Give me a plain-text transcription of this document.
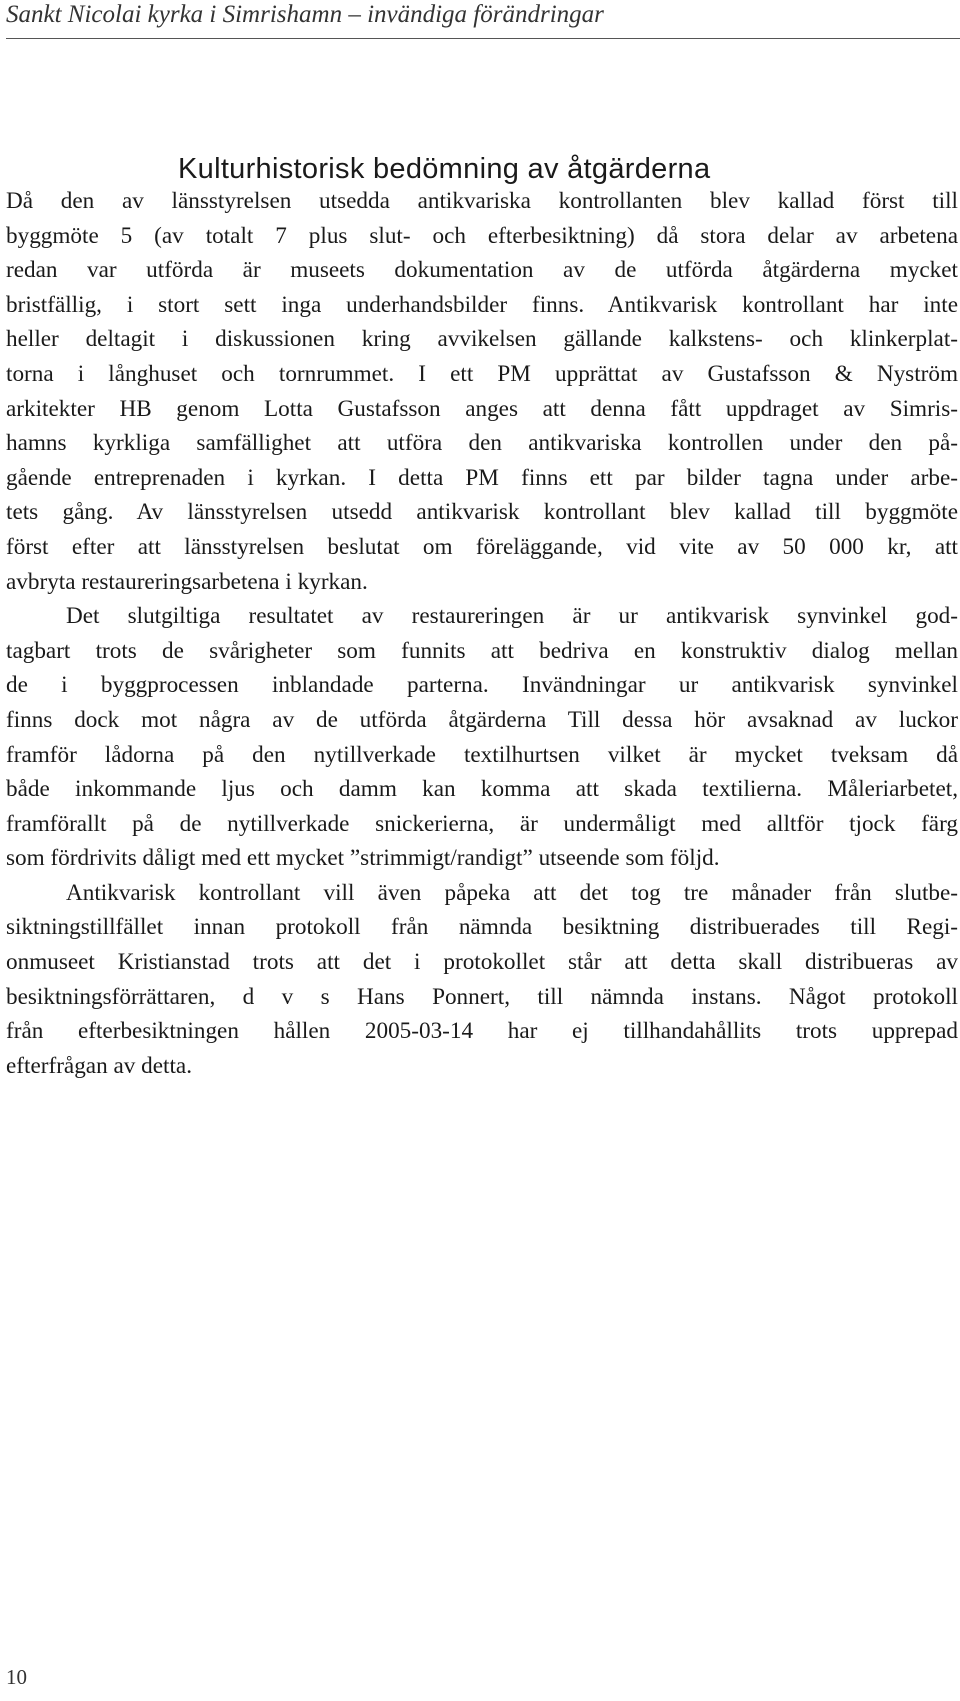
Sankt Nicolai kyrka i Simrishamn – invändiga förändringar
Kulturhistorisk bedömning av åtgärderna
Då den av länsstyrelsen utsedda antikvariska kontrollanten blev kallad först till
byggmöte 5 (av totalt 7 plus slut- och efterbesiktning) då stora delar av arbetena
redan var utförda är museets dokumentation av de utförda åtgärderna mycket
bristfällig, i stort sett inga underhandsbilder finns. Antikvarisk kontrollant har inte
heller deltagit i diskussionen kring avvikelsen gällande kalkstens- och klinkerplat-
torna i långhuset och tornrummet. I ett PM upprättat av Gustafsson & Nyström
arkitekter HB genom Lotta Gustafsson anges att denna fått uppdraget av Simris-
hamns kyrkliga samfällighet att utföra den antikvariska kontrollen under den på-
gående entreprenaden i kyrkan. I detta PM finns ett par bilder tagna under arbe-
tets gång. Av länsstyrelsen utsedd antikvarisk kontrollant blev kallad till byggmöte
först efter att länsstyrelsen beslutat om föreläggande, vid vite av 50 000 kr, att
avbryta restaureringsarbetena i kyrkan.
Det slutgiltiga resultatet av restaureringen är ur antikvarisk synvinkel god-
tagbart trots de svårigheter som funnits att bedriva en konstruktiv dialog mellan
de i byggprocessen inblandade parterna. Invändningar ur antikvarisk synvinkel
finns dock mot några av de utförda åtgärderna Till dessa hör avsaknad av luckor
framför lådorna på den nytillverkade textilhurtsen vilket är mycket tveksam då
både inkommande ljus och damm kan komma att skada textilierna. Måleriarbetet,
framförallt på de nytillverkade snickerierna, är undermåligt med alltför tjock färg
som fördrivits dåligt med ett mycket ”strimmigt/randigt” utseende som följd.
Antikvarisk kontrollant vill även påpeka att det tog tre månader från slutbe-
siktningstillfället innan protokoll från nämnda besiktning distribuerades till Regi-
onmuseet Kristianstad trots att det i protokollet står att detta skall distribueras av
besiktningsförrättaren, d v s Hans Ponnert, till nämnda instans. Något protokoll
från efterbesiktningen hållen 2005-03-14 har ej tillhandahållits trots upprepad
efterfrågan av detta.
10
